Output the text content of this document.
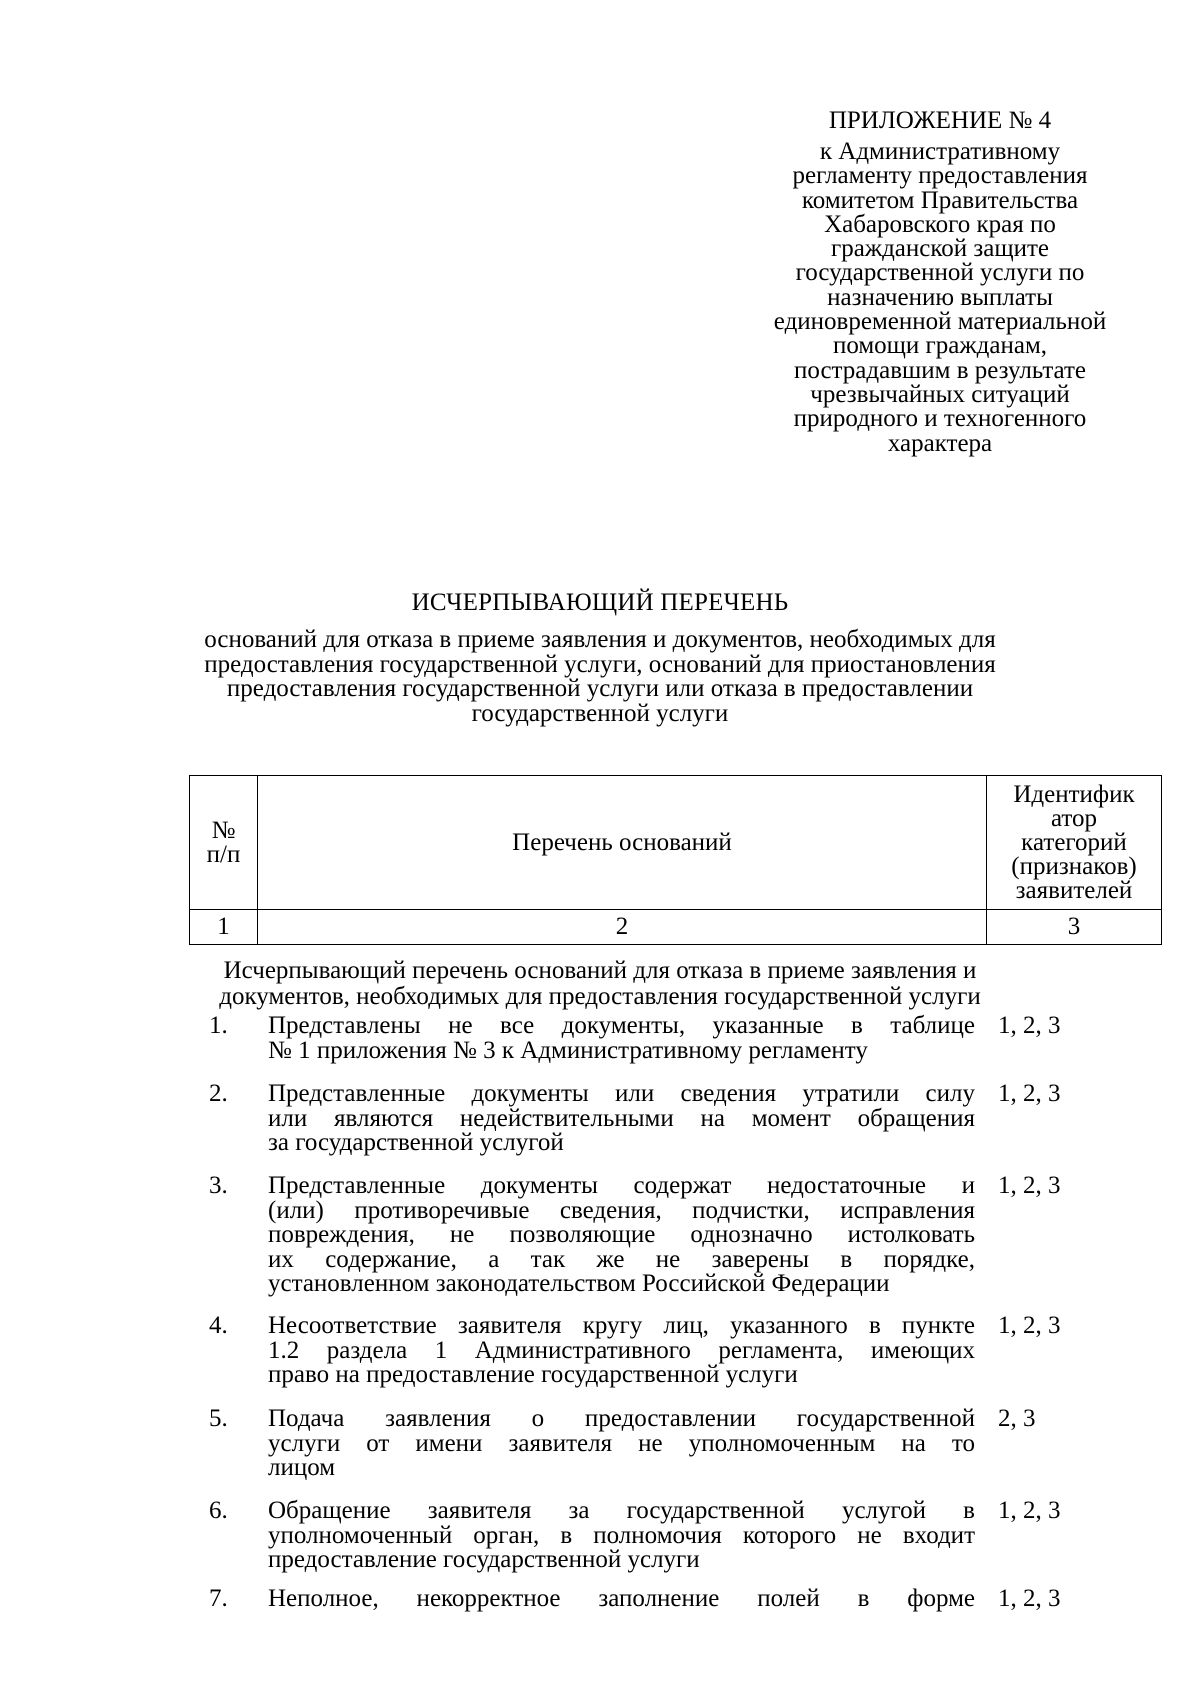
ПРИЛОЖЕНИЕ № 4
к Административному
регламенту предоставления
комитетом Правительства
Хабаровского края по
гражданской защите
государственной услуги по
назначению выплаты
единовременной материальной
помощи гражданам,
пострадавшим в результате
чрезвычайных ситуаций
природного и техногенного
характера
ИСЧЕРПЫВАЮЩИЙ ПЕРЕЧЕНЬ
оснований для отказа в приеме заявления и документов, необходимых для
предоставления государственной услуги, оснований для приостановления
предоставления государственной услуги или отказа в предоставлении
государственной услуги
№
п/п	Перечень оснований	Идентифик
атор
категорий
(признаков)
заявителей

1	2	3
Исчерпывающий перечень оснований для отказа в приеме заявления и
документов, необходимых для предоставления государственной услуги
1.	Представлены не все документы, указанные в таблице
№ 1 приложения № 3 к Административному регламенту
1, 2, 3
2.	Представленные документы или сведения утратили силу
или являются недействительными на момент обращения
за государственной услугой
1, 2, 3
3.	Представленные документы содержат недостаточные и
(или) противоречивые сведения, подчистки, исправления
повреждения, не позволяющие однозначно истолковать
их содержание, а так же не заверены в порядке,
установленном законодательством Российской Федерации
1, 2, 3
4.	Несоответствие заявителя кругу лиц, указанного в пункте
1.2 раздела 1 Административного регламента, имеющих
право на предоставление государственной услуги
1, 2, 3
5.	Подача заявления о предоставлении государственной
услуги от имени заявителя не уполномоченным на то
лицом
2, 3
6.	Обращение заявителя за государственной услугой в
уполномоченный орган, в полномочия которого не входит
предоставление государственной услуги
1, 2, 3
7.	Неполное, некорректное заполнение полей в форме 1, 2, 3
